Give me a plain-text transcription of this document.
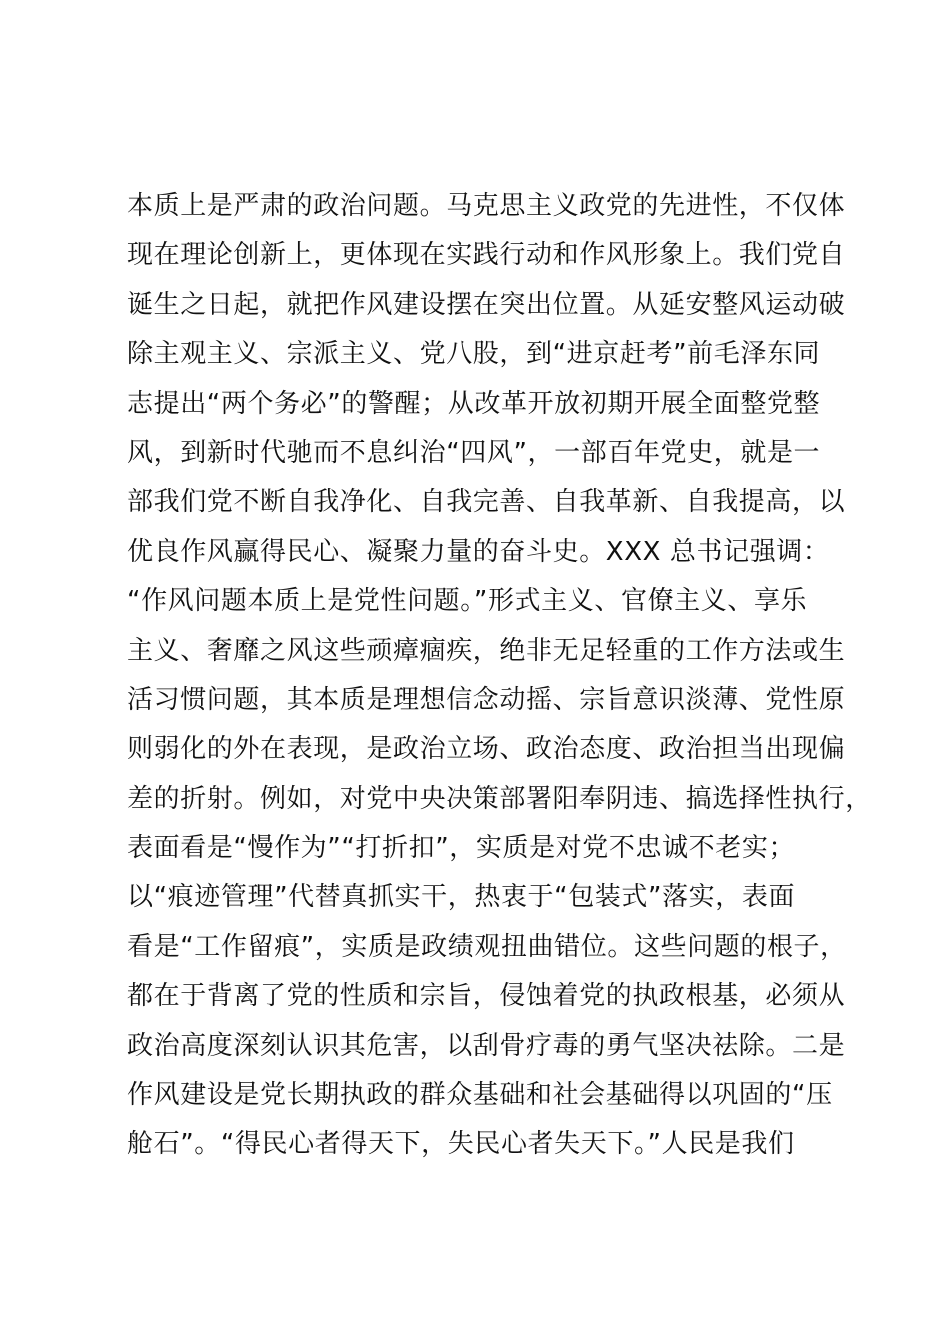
本质上是严肃的政治问题。马克思主义政党的先进性，不仅体
现在理论创新上，更体现在实践行动和作风形象上。我们党自
诞生之日起，就把作风建设摆在突出位置。从延安整风运动破
除主观主义、宗派主义、党八股，到“进京赶考”前毛泽东同
志提出“两个务必”的警醒；从改革开放初期开展全面整党整
风，到新时代驰而不息纠治“四风”，一部百年党史，就是一
部我们党不断自我净化、自我完善、自我革新、自我提高，以
优良作风赢得民心、凝聚力量的奋斗史。XXX 总书记强调：
“作风问题本质上是党性问题。”形式主义、官僚主义、享乐
主义、奢靡之风这些顽瘴痼疾，绝非无足轻重的工作方法或生
活习惯问题，其本质是理想信念动摇、宗旨意识淡薄、党性原
则弱化的外在表现，是政治立场、政治态度、政治担当出现偏
差的折射。例如，对党中央决策部署阳奉阴违、搞选择性执行，
表面看是“慢作为”“打折扣”，实质是对党不忠诚不老实；
以“痕迹管理”代替真抓实干，热衷于“包装式”落实，表面
看是“工作留痕”，实质是政绩观扭曲错位。这些问题的根子，
都在于背离了党的性质和宗旨，侵蚀着党的执政根基，必须从
政治高度深刻认识其危害，以刮骨疗毒的勇气坚决祛除。二是
作风建设是党长期执政的群众基础和社会基础得以巩固的“压
舱石”。“得民心者得天下，失民心者失天下。”人民是我们
